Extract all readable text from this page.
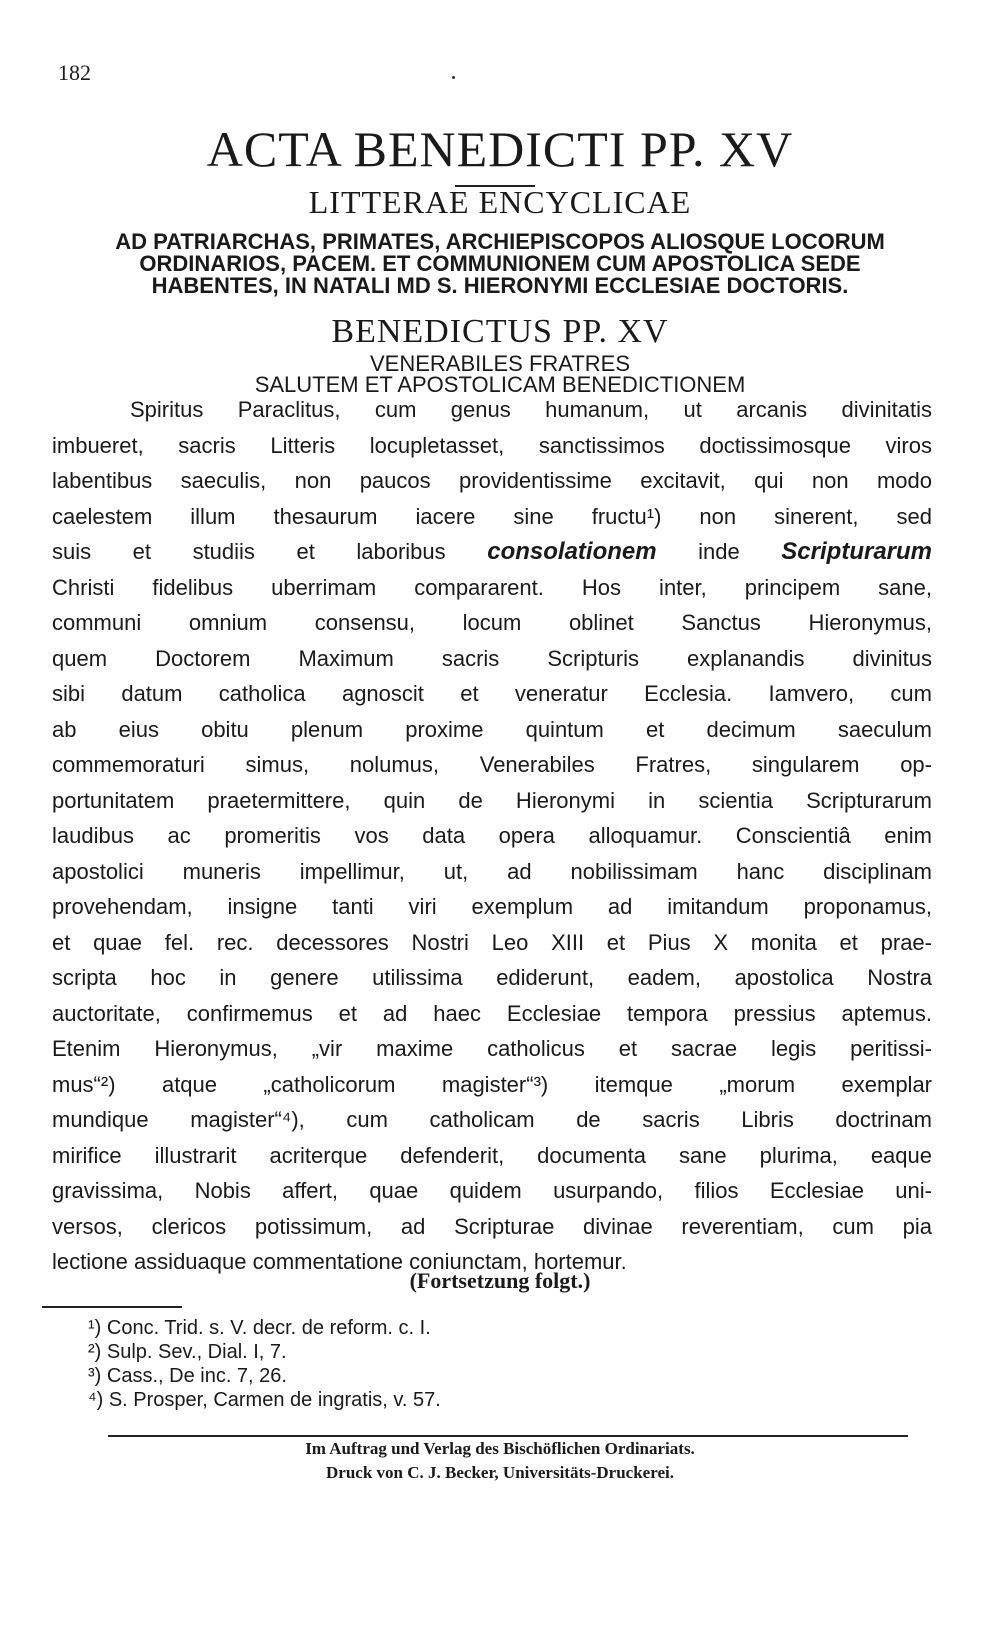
182
ACTA BENEDICTI PP. XV
LITTERAE ENCYCLICAE
AD PATRIARCHAS, PRIMATES, ARCHIEPISCOPOS ALIOSQUE LOCORUM
ORDINARIOS, PACEM. ET COMMUNIONEM CUM APOSTOLICA SEDE
HABENTES, IN NATALI MD S. HIERONYMI ECCLESIAE DOCTORIS.
BENEDICTUS PP. XV
VENERABILES FRATRES
SALUTEM ET APOSTOLICAM BENEDICTIONEM
Spiritus Paraclitus, cum genus humanum, ut arcanis divinitatis
imbueret, sacris Litteris locupletasset, sanctissimos doctissimosque viros
labentibus saeculis, non paucos providentissime excitavit, qui non modo
caelestem illum thesaurum iacere sine fructu¹) non sinerent, sed
suis et studiis et laboribus consolationem inde Scripturarum
Christi fidelibus uberrimam compararent. Hos inter, principem sane,
communi omnium consensu, locum oblinet Sanctus Hieronymus,
quem Doctorem Maximum sacris Scripturis explanandis divinitus
sibi datum catholica agnoscit et veneratur Ecclesia. Iamvero, cum
ab eius obitu plenum proxime quintum et decimum saeculum
commemoraturi simus, nolumus, Venerabiles Fratres, singularem op-
portunitatem praetermittere, quin de Hieronymi in scientia Scripturarum
laudibus ac promeritis vos data opera alloquamur. Conscientiâ enim
apostolici muneris impellimur, ut, ad nobilissimam hanc disciplinam
provehendam, insigne tanti viri exemplum ad imitandum proponamus,
et quae fel. rec. decessores Nostri Leo XIII et Pius X monita et prae-
scripta hoc in genere utilissima ediderunt, eadem, apostolica Nostra
auctoritate, confirmemus et ad haec Ecclesiae tempora pressius aptemus.
Etenim Hieronymus, „vir maxime catholicus et sacrae legis peritissi-
mus“²) atque „catholicorum magister“³) itemque „morum exemplar
mundique magister“⁴), cum catholicam de sacris Libris doctrinam
mirifice illustrarit acriterque defenderit, documenta sane plurima, eaque
gravissima, Nobis affert, quae quidem usurpando, filios Ecclesiae uni-
versos, clericos potissimum, ad Scripturae divinae reverentiam, cum pia
lectione assiduaque commentatione coniunctam, hortemur.
(Fortsetzung folgt.)
¹) Conc. Trid. s. V. decr. de reform. c. I.
²) Sulp. Sev., Dial. I, 7.
³) Cass., De inc. 7, 26.
⁴) S. Prosper, Carmen de ingratis, v. 57.
Im Auftrag und Verlag des Bischöflichen Ordinariats.
Druck von C. J. Becker, Universitäts-Druckerei.
